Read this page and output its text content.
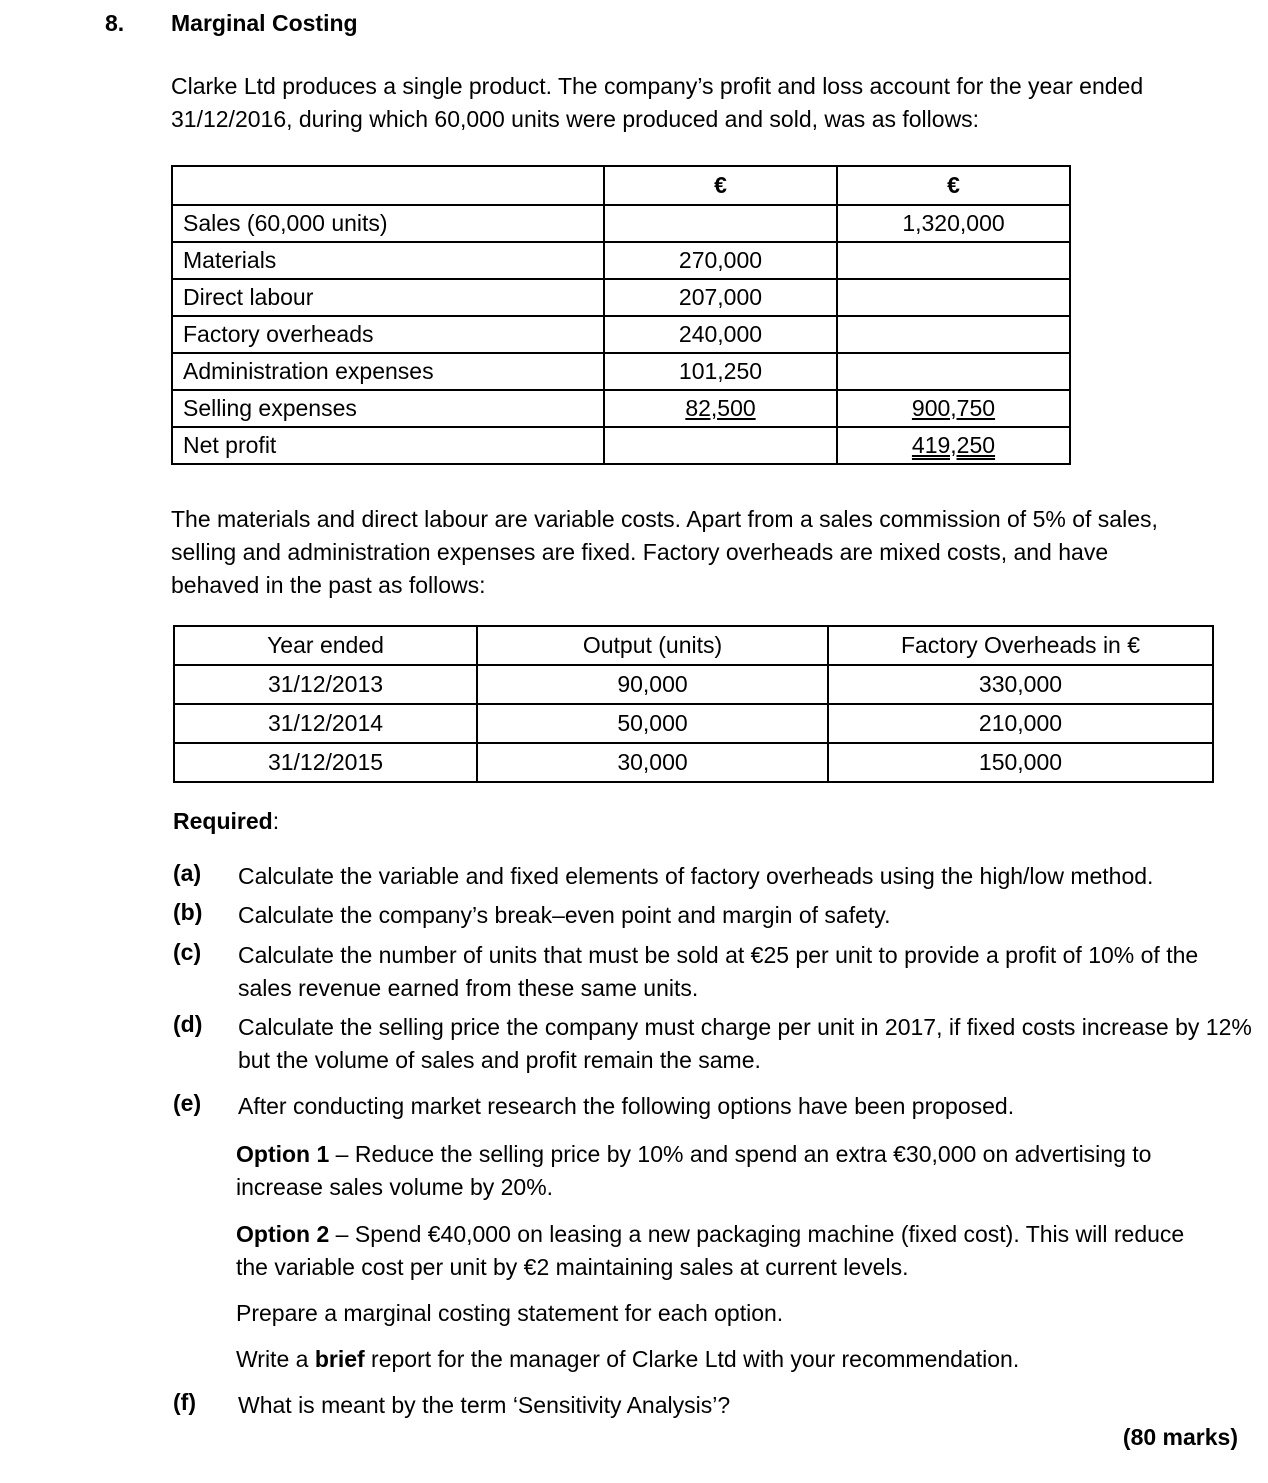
8. Marginal Costing
Clarke Ltd produces a single product. The company’s profit and loss account for the year ended 31/12/2016, during which 60,000 units were produced and sold, was as follows:
	€	€
Sales (60,000 units)		1,320,000
Materials	270,000	
Direct labour	207,000	
Factory overheads	240,000	
Administration expenses	101,250	
Selling expenses	82,500	900,750
Net profit		419,250
The materials and direct labour are variable costs. Apart from a sales commission of 5% of sales, selling and administration expenses are fixed. Factory overheads are mixed costs, and have behaved in the past as follows:
Year ended	Output (units)	Factory Overheads in €
31/12/2013	90,000	330,000
31/12/2014	50,000	210,000
31/12/2015	30,000	150,000
Required:
(a) Calculate the variable and fixed elements of factory overheads using the high/low method.
(b) Calculate the company’s break–even point and margin of safety.
(c) Calculate the number of units that must be sold at €25 per unit to provide a profit of 10% of the sales revenue earned from these same units.
(d) Calculate the selling price the company must charge per unit in 2017, if fixed costs increase by 12% but the volume of sales and profit remain the same.
(e) After conducting market research the following options have been proposed.
Option 1 – Reduce the selling price by 10% and spend an extra €30,000 on advertising to increase sales volume by 20%.
Option 2 – Spend €40,000 on leasing a new packaging machine (fixed cost). This will reduce the variable cost per unit by €2 maintaining sales at current levels.
Prepare a marginal costing statement for each option.
Write a brief report for the manager of Clarke Ltd with your recommendation.
(f) What is meant by the term ‘Sensitivity Analysis’?
(80 marks)
